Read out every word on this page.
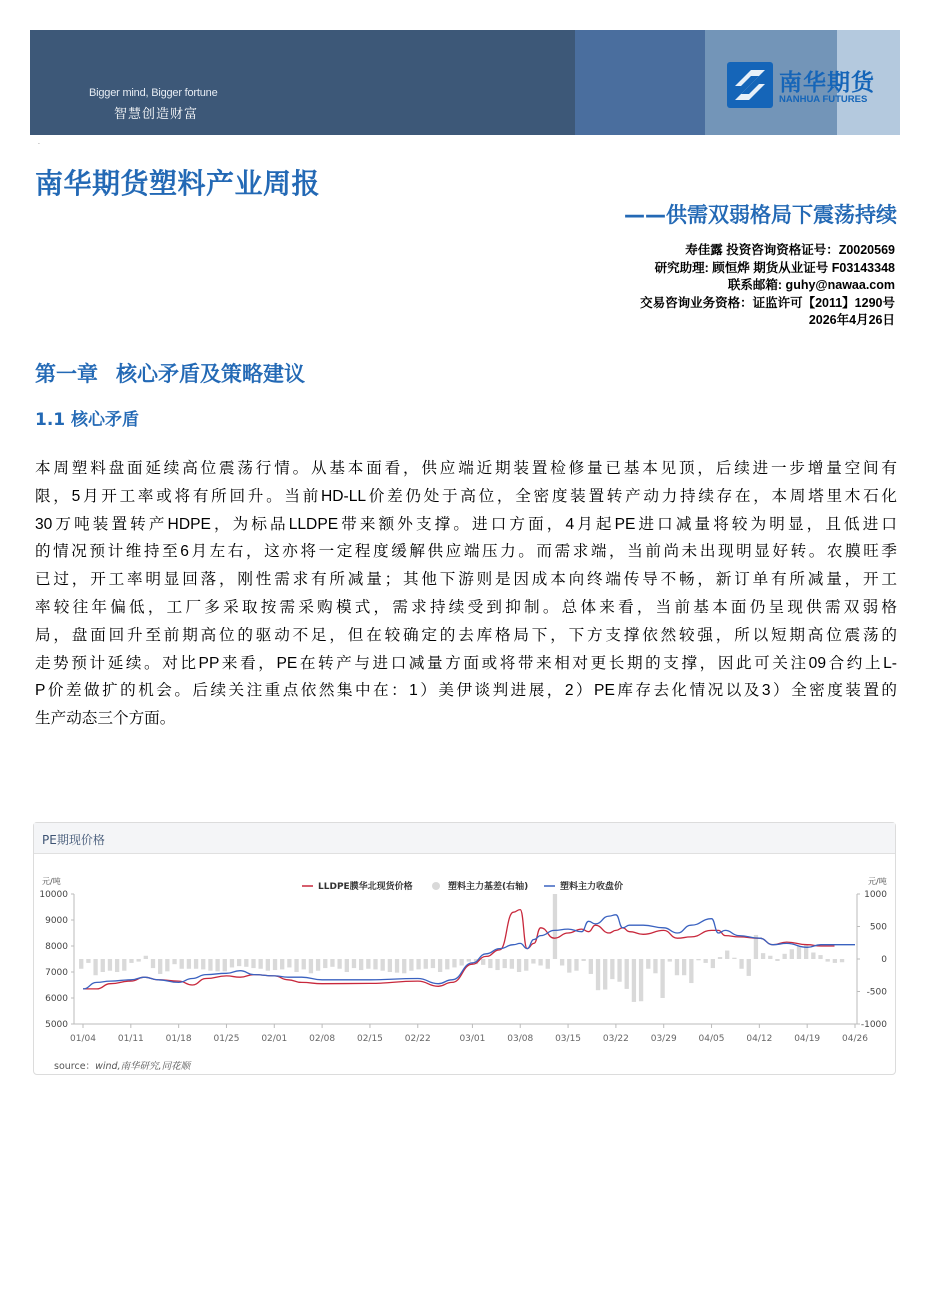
Bigger mind, Bigger fortune
智慧创造财富
南华期货
NANHUA FUTURES
·
南华期货塑料产业周报
——供需双弱格局下震荡持续
寿佳露 投资咨询资格证号：Z0020569
研究助理: 顾恒烨 期货从业证号 F03143348
联系邮箱: guhy@nawaa.com
交易咨询业务资格：证监许可【2011】1290号
2026年4月26日
第一章 核心矛盾及策略建议
1.1 核心矛盾
本周塑料盘面延续高位震荡行情。从基本面看，供应端近期装置检修量已基本见顶，后续进一步增量空间有
限，5月开工率或将有所回升。当前HD-LL价差仍处于高位，全密度装置转产动力持续存在，本周塔里木石化
30万吨装置转产HDPE，为标品LLDPE带来额外支撑。进口方面，4月起PE进口减量将较为明显，且低进口
的情况预计维持至6月左右，这亦将一定程度缓解供应端压力。而需求端，当前尚未出现明显好转。农膜旺季
已过，开工率明显回落，刚性需求有所减量；其他下游则是因成本向终端传导不畅，新订单有所减量，开工
率较往年偏低，工厂多采取按需采购模式，需求持续受到抑制。总体来看，当前基本面仍呈现供需双弱格
局，盘面回升至前期高位的驱动不足，但在较确定的去库格局下，下方支撑依然较强，所以短期高位震荡的
走势预计延续。对比PP来看，PE在转产与进口减量方面或将带来相对更长期的支撑，因此可关注09合约上L-
P价差做扩的机会。后续关注重点依然集中在：1）美伊谈判进展，2）PE库存去化情况以及3）全密度装置的
生产动态三个方面。
PE期现价格
5000
6000
7000
8000
9000
10000
-1000
-500
0
500
1000
元/吨	元/吨
01/04 01/11 01/18 01/25 02/01 02/08 02/15 02/22	03/01 03/08 03/15 03/22 03/29 04/05 04/12 04/19 04/26
LLDPE膜华北现货价格	塑料主力基差(右轴)	塑料主力收盘价
source：wind,南华研究,同花顺
